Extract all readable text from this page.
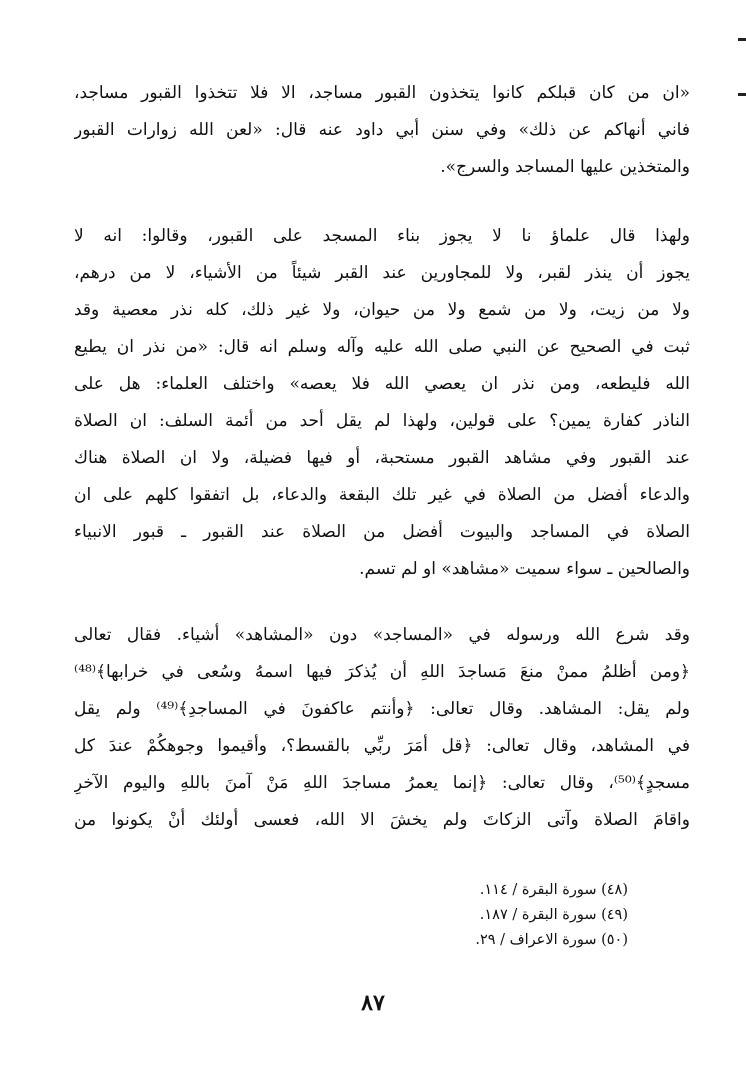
«ان من كان قبلكم كانوا يتخذون القبور مساجد، الا فلا تتخذوا القبور مساجد،
فاني أنهاكم عن ذلك» وفي سنن أبي داود عنه قال: «لعن الله زوارات القبور
والمتخذين عليها المساجد والسرج».
ولهذا قال علماؤ نا لا يجوز بناء المسجد على القبور، وقالوا: انه لا
يجوز أن ينذر لقبر، ولا للمجاورين عند القبر شيئاً من الأشياء، لا من درهم،
ولا من زيت، ولا من شمع ولا من حيوان، ولا غير ذلك، كله نذر معصية وقد
ثبت في الصحيح عن النبي صلى الله عليه وآله وسلم انه قال: «من نذر ان يطيع
الله فليطعه، ومن نذر ان يعصي الله فلا يعصه» واختلف العلماء: هل على
الناذر كفارة يمين؟ على قولين، ولهذا لم يقل أحد من أئمة السلف: ان الصلاة
عند القبور وفي مشاهد القبور مستحبة، أو فيها فضيلة، ولا ان الصلاة هناك
والدعاء أفضل من الصلاة في غير تلك البقعة والدعاء، بل اتفقوا كلهم على ان
الصلاة في المساجد والبيوت أفضل من الصلاة عند القبور ـ قبور الانبياء
والصالحين ـ سواء سميت «مشاهد» او لم تسم.
وقد شرع الله ورسوله في «المساجد» دون «المشاهد» أشياء. فقال تعالى
﴿ومن أظلمُ ممنْ منعَ مَساجدَ اللهِ أن يُذكرَ فيها اسمهُ وسُعى في خرابها﴾⁽⁴⁸⁾
ولم يقل: المشاهد. وقال تعالى: ﴿وأنتم عاكفونَ في المساجدِ﴾⁽⁴⁹⁾ ولم يقل
في المشاهد، وقال تعالى: ﴿قل أمَرَ ربِّي بالقسط؟، وأقيموا وجوهكُمْ عندَ كل
مسجدٍ﴾⁽⁵⁰⁾، وقال تعالى: ﴿إنما يعمرُ مساجدَ اللهِ مَنْ آمنَ باللهِ واليوم الآخرِ
واقامَ الصلاة وآتى الزكاتَ ولم يخشَ الا الله، فعسى أولئك أنْ يكونوا من
(٤٨) سورة البقرة / ١١٤.
(٤٩) سورة البقرة / ١٨٧.
(٥٠) سورة الاعراف / ٢٩.
٨٧
